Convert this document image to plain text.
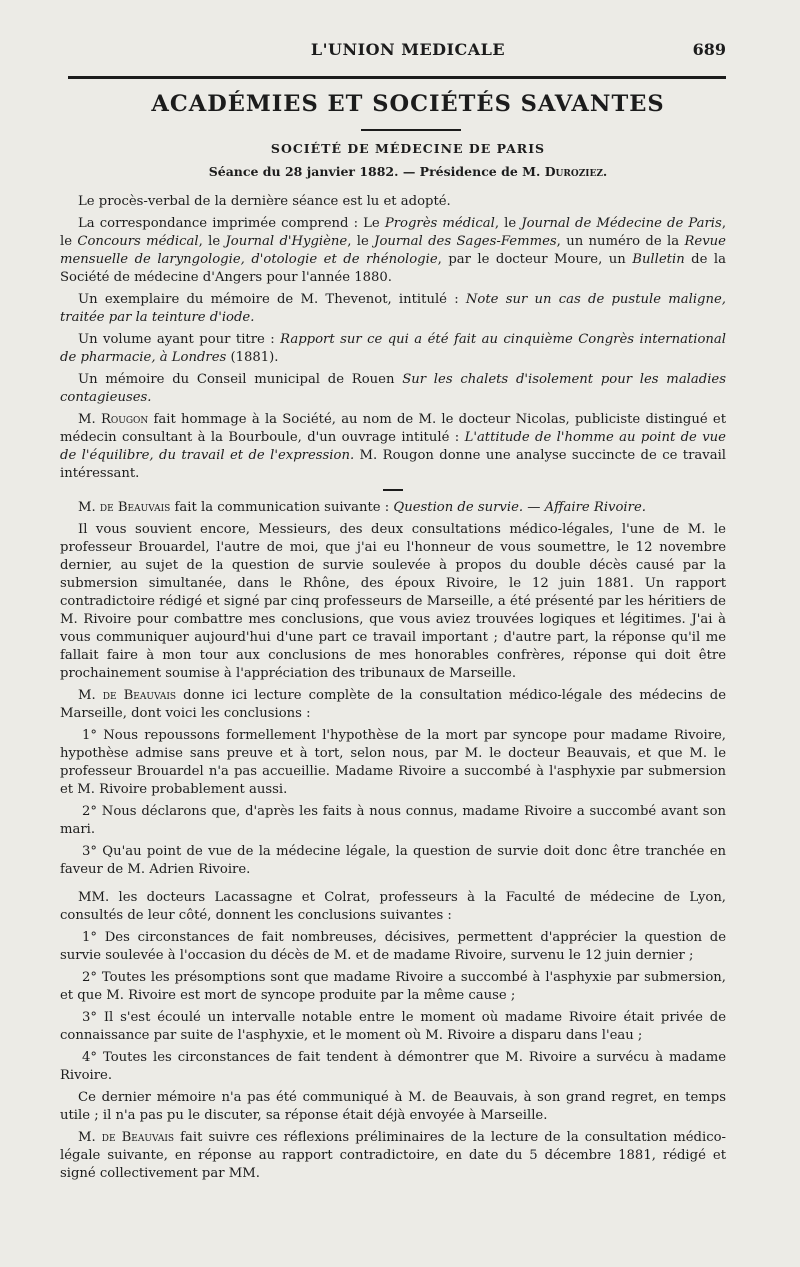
L'UNION MEDICALE	689
ACADÉMIES ET SOCIÉTÉS SAVANTES
SOCIÉTÉ DE MÉDECINE DE PARIS
Séance du 28 janvier 1882. — Présidence de M. Duroziez.

Le procès-verbal de la dernière séance est lu et adopté.

La correspondance imprimée comprend : Le Progrès médical, le Journal de Médecine de Paris, le Concours médical, le Journal d'Hygiène, le Journal des Sages-Femmes, un numéro de la Revue mensuelle de laryngologie, d'otologie et de rhénologie, par le docteur Moure, un Bulletin de la Société de médecine d'Angers pour l'année 1880.

Un exemplaire du mémoire de M. Thevenot, intitulé : Note sur un cas de pustule maligne, traitée par la teinture d'iode.

Un volume ayant pour titre : Rapport sur ce qui a été fait au cinquième Congrès international de pharmacie, à Londres (1881).

Un mémoire du Conseil municipal de Rouen Sur les chalets d'isolement pour les maladies contagieuses.

M. Rougon fait hommage à la Société, au nom de M. le docteur Nicolas, publiciste distingué et médecin consultant à la Bourboule, d'un ouvrage intitulé : L'attitude de l'homme au point de vue de l'équilibre, du travail et de l'expression. M. Rougon donne une analyse succincte de ce travail intéressant.

M. de Beauvais fait la communication suivante : Question de survie. — Affaire Rivoire.

Il vous souvient encore, Messieurs, des deux consultations médico-légales, l'une de M. le professeur Brouardel, l'autre de moi, que j'ai eu l'honneur de vous soumettre, le 12 novembre dernier, au sujet de la question de survie soulevée à propos du double décès causé par la submersion simultanée, dans le Rhône, des époux Rivoire, le 12 juin 1881. Un rapport contradictoire rédigé et signé par cinq professeurs de Marseille, a été présenté par les héritiers de M. Rivoire pour combattre mes conclusions, que vous aviez trouvées logiques et légitimes. J'ai à vous communiquer aujourd'hui d'une part ce travail important ; d'autre part, la réponse qu'il me fallait faire à mon tour aux conclusions de mes honorables confrères, réponse qui doit être prochainement soumise à l'appréciation des tribunaux de Marseille.

M. de Beauvais donne ici lecture complète de la consultation médico-légale des médecins de Marseille, dont voici les conclusions :

1° Nous repoussons formellement l'hypothèse de la mort par syncope pour madame Rivoire, hypothèse admise sans preuve et à tort, selon nous, par M. le docteur Beauvais, et que M. le professeur Brouardel n'a pas accueillie. Madame Rivoire a succombé à l'asphyxie par submersion et M. Rivoire probablement aussi.

2° Nous déclarons que, d'après les faits à nous connus, madame Rivoire a succombé avant son mari.

3° Qu'au point de vue de la médecine légale, la question de survie doit donc être tranchée en faveur de M. Adrien Rivoire.

MM. les docteurs Lacassagne et Colrat, professeurs à la Faculté de médecine de Lyon, consultés de leur côté, donnent les conclusions suivantes :

1° Des circonstances de fait nombreuses, décisives, permettent d'apprécier la question de survie soulevée à l'occasion du décès de M. et de madame Rivoire, survenu le 12 juin dernier ;

2° Toutes les présomptions sont que madame Rivoire a succombé à l'asphyxie par submersion, et que M. Rivoire est mort de syncope produite par la même cause ;

3° Il s'est écoulé un intervalle notable entre le moment où madame Rivoire était privée de connaissance par suite de l'asphyxie, et le moment où M. Rivoire a disparu dans l'eau ;

4° Toutes les circonstances de fait tendent à démontrer que M. Rivoire a survécu à madame Rivoire.

Ce dernier mémoire n'a pas été communiqué à M. de Beauvais, à son grand regret, en temps utile ; il n'a pas pu le discuter, sa réponse était déjà envoyée à Marseille.

M. de Beauvais fait suivre ces réflexions préliminaires de la lecture de la consultation médico-légale suivante, en réponse au rapport contradictoire, en date du 5 décembre 1881, rédigé et signé collectivement par MM.
